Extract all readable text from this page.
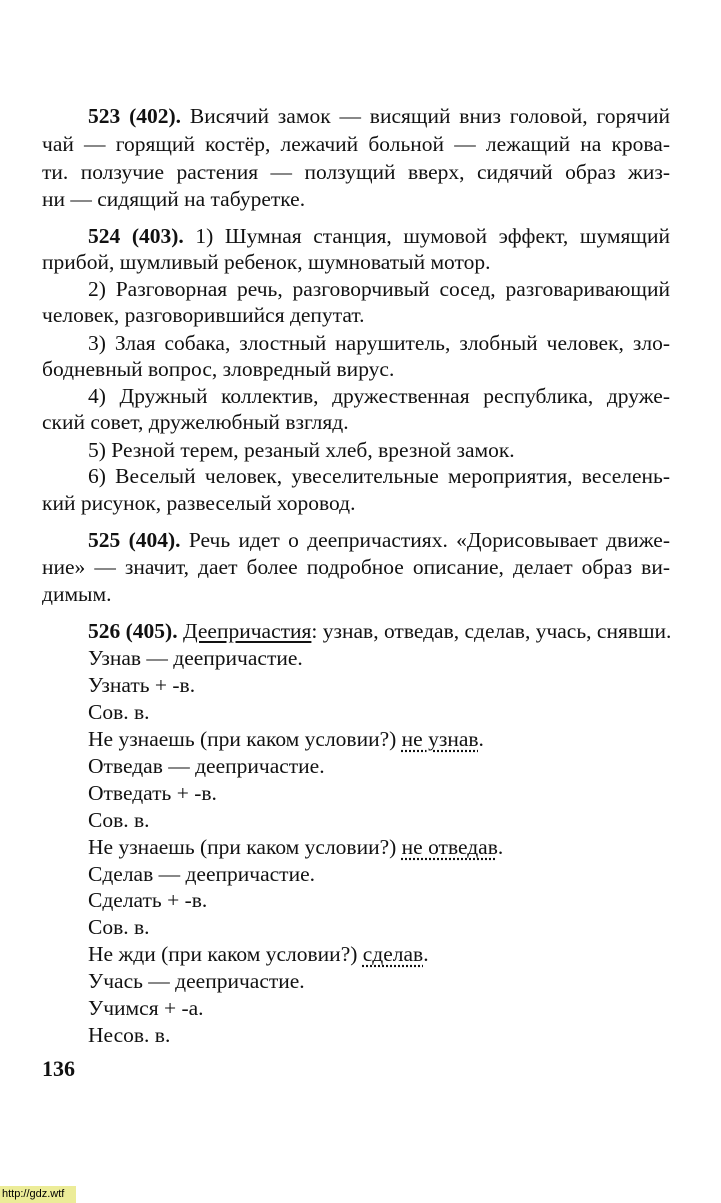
523 (402). Висячий замок — висящий вниз головой, горячий
чай — горящий костёр, лежачий больной — лежащий на крова-
ти. ползучие растения — ползущий вверх, сидячий образ жиз-
ни — сидящий на табуретке.
524 (403). 1) Шумная станция, шумовой эффект, шумящий
прибой, шумливый ребенок, шумноватый мотор.
2) Разговорная речь, разговорчивый сосед, разговаривающий
человек, разговорившийся депутат.
3) Злая собака, злостный нарушитель, злобный человек, зло-
бодневный вопрос, зловредный вирус.
4) Дружный коллектив, дружественная республика, друже-
ский совет, дружелюбный взгляд.
5) Резной терем, резаный хлеб, врезной замок.
6) Веселый человек, увеселительные мероприятия, веселень-
кий рисунок, развеселый хоровод.
525 (404). Речь идет о деепричастиях. «Дорисовывает движе-
ние» — значит, дает более подробное описание, делает образ ви-
димым.
526 (405). Деепричастия: узнав, отведав, сделав, учась, снявши.
Узнав — деепричастие.
Узнать + -в.
Сов. в.
Не узнаешь (при каком условии?) не узнав.
Отведав — деепричастие.
Отведать + -в.
Сов. в.
Не узнаешь (при каком условии?) не отведав.
Сделав — деепричастие.
Сделать + -в.
Сов. в.
Не жди (при каком условии?) сделав.
Учась — деепричастие.
Учимся + -а.
Несов. в.
136
http://gdz.wtf
